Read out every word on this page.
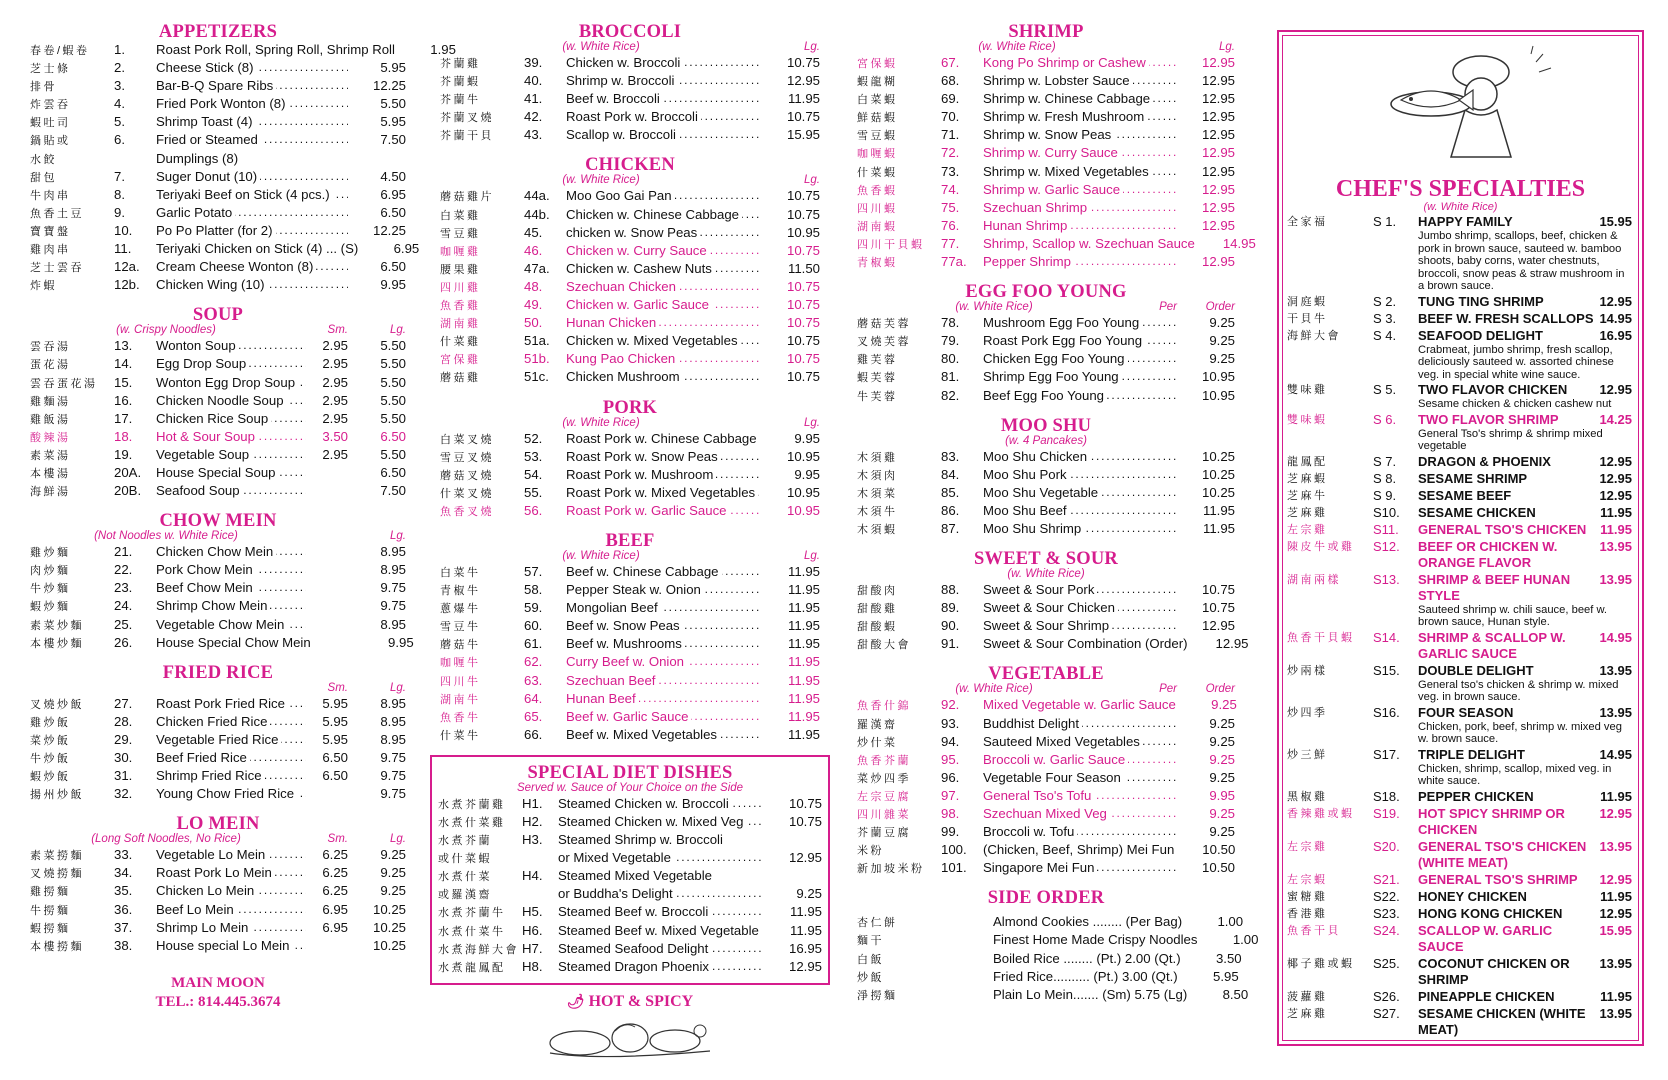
APPETIZERS
春卷/蝦卷	1.	Roast Pork Roll, Spring Roll, Shrimp Roll	1.95
芝士條	2.	Cheese Stick (8) .....	5.95
排骨	3.	Bar-B-Q Spare Ribs .....	12.25
炸雲吞	4.	Fried Pork Wonton (8) .....	5.50
蝦吐司	5.	Shrimp Toast (4) .....	5.95
鍋貼或	6.	Fried or Steamed .....	7.50
水餃	Dumplings (8)
甜包	7.	Suger Donut (10) .....	4.50
牛肉串	8.	Teriyaki Beef on Stick (4 pcs.) .....	6.95
魚香土豆	9.	Garlic Potato .....	6.50
寶寶盤	10.	Po Po Platter (for 2) .....	12.25
雞肉串	11.	Teriyaki Chicken on Stick (4) ... (S) .....	6.95
芝士雲吞	12a.	Cream Cheese Wonton (8) .....	6.50
炸蝦	12b.	Chicken Wing (10) .....	9.95
SOUP
(w. Crispy Noodles)	Sm.	Lg.
雲吞湯	13.	Wonton Soup .....	2.95	5.50
蛋花湯	14.	Egg Drop Soup .....	2.95	5.50
雲吞蛋花湯	15.	Wonton Egg Drop Soup .....	2.95	5.50
雞麵湯	16.	Chicken Noodle Soup .....	2.95	5.50
雞飯湯	17.	Chicken Rice Soup .....	2.95	5.50
酸辣湯	18.	Hot & Sour Soup .....	3.50	6.50
素菜湯	19.	Vegetable Soup .....	2.95	5.50
本樓湯	20A.	House Special Soup .....	6.50
海鮮湯	20B.	Seafood Soup .....	7.50
CHOW MEIN
(Not Noodles w. White Rice)	Lg.
雞炒麵	21.	Chicken Chow Mein .....	8.95
肉炒麵	22.	Pork Chow Mein .....	8.95
牛炒麵	23.	Beef Chow Mein .....	9.75
蝦炒麵	24.	Shrimp Chow Mein .....	9.75
素菜炒麵	25.	Vegetable Chow Mein .....	8.95
本樓炒麵	26.	House Special Chow Mein .....	9.95
FRIED RICE
Sm.	Lg.
叉燒炒飯	27.	Roast Pork Fried Rice .....	5.95	8.95
雞炒飯	28.	Chicken Fried Rice .....	5.95	8.95
菜炒飯	29.	Vegetable Fried Rice .....	5.95	8.95
牛炒飯	30.	Beef Fried Rice .....	6.50	9.75
蝦炒飯	31.	Shrimp Fried Rice .....	6.50	9.75
揚州炒飯	32.	Young Chow Fried Rice .....	9.75
LO MEIN
(Long Soft Noodles, No Rice)	Sm.	Lg.
素菜撈麵	33.	Vegetable Lo Mein .....	6.25	9.25
叉燒撈麵	34.	Roast Pork Lo Mein .....	6.25	9.25
雞撈麵	35.	Chicken Lo Mein .....	6.25	9.25
牛撈麵	36.	Beef Lo Mein .....	6.95	10.25
蝦撈麵	37.	Shrimp Lo Mein .....	6.95	10.25
本樓撈麵	38.	House special Lo Mein .....	10.25
MAIN MOON
TEL.: 814.445.3674
BROCCOLI
(w. White Rice)	Lg.
芥蘭雞	39.	Chicken w. Broccoli .....	10.75
芥蘭蝦	40.	Shrimp w. Broccoli .....	12.95
芥蘭牛	41.	Beef w. Broccoli .....	11.95
芥蘭叉燒	42.	Roast Pork w. Broccoli .....	10.75
芥蘭干貝	43.	Scallop w. Broccoli .....	15.95
CHICKEN
(w. White Rice)	Lg.
蘑菇雞片	44a.	Moo Goo Gai Pan .....	10.75
白菜雞	44b.	Chicken w. Chinese Cabbage .....	10.75
雪豆雞	45.	chicken w. Snow Peas .....	10.95
咖喱雞	46.	Chicken w. Curry Sauce .....	10.75
腰果雞	47a.	Chicken w. Cashew Nuts .....	11.50
四川雞	48.	Szechuan Chicken .....	10.75
魚香雞	49.	Chicken w. Garlic Sauce .....	10.75
湖南雞	50.	Hunan Chicken .....	10.75
什菜雞	51a.	Chicken w. Mixed Vegetables .....	10.75
宮保雞	51b.	Kung Pao Chicken .....	10.75
蘑菇雞	51c.	Chicken Mushroom .....	10.75
PORK
(w. White Rice)	Lg.
白菜叉燒	52.	Roast Pork w. Chinese Cabbage .....	9.95
雪豆叉燒	53.	Roast Pork w. Snow Peas .....	10.95
蘑菇叉燒	54.	Roast Pork w. Mushroom .....	9.95
什菜叉燒	55.	Roast Pork w. Mixed Vegetables .....	10.95
魚香叉燒	56.	Roast Pork w. Garlic Sauce .....	10.95
BEEF
(w. White Rice)	Lg.
白菜牛	57.	Beef w. Chinese Cabbage .....	11.95
青椒牛	58.	Pepper Steak w. Onion .....	11.95
蔥爆牛	59.	Mongolian Beef .....	11.95
雪豆牛	60.	Beef w. Snow Peas .....	11.95
蘑菇牛	61.	Beef w. Mushrooms .....	11.95
咖喱牛	62.	Curry Beef w. Onion .....	11.95
四川牛	63.	Szechuan Beef .....	11.95
湖南牛	64.	Hunan Beef .....	11.95
魚香牛	65.	Beef w. Garlic Sauce .....	11.95
什菜牛	66.	Beef w. Mixed Vegetables .....	11.95
SPECIAL DIET DISHES
Served w. Sauce of Your Choice on the Side
水煮芥蘭雞	H1.	Steamed Chicken w. Broccoli .....	10.75
水煮什菜雞	H2.	Steamed Chicken w. Mixed Veg .....	10.75
水煮芥蘭	H3.	Steamed Shrimp w. Broccoli
或什菜蝦	or Mixed Vegetable .....	12.95
水煮什菜	H4.	Steamed Mixed Vegetable
或羅漢齋	or Buddha's Delight .....	9.25
水煮芥蘭牛	H5.	Steamed Beef w. Broccoli .....	11.95
水煮什菜牛	H6.	Steamed Beef w. Mixed Vegetable .....	11.95
水煮海鮮大會 H7.	Steamed Seafood Delight .....	16.95
水煮龍鳳配	H8.	Steamed Dragon Phoenix .....	12.95
🌶 HOT & SPICY
SHRIMP
(w. White Rice)	Lg.
宮保蝦	67.	Kong Po Shrimp or Cashew .....	12.95
蝦龍糊	68.	Shrimp w. Lobster Sauce .....	12.95
白菜蝦	69.	Shrimp w. Chinese Cabbage .....	12.95
鮮菇蝦	70.	Shrimp w. Fresh Mushroom .....	12.95
雪豆蝦	71.	Shrimp w. Snow Peas .....	12.95
咖喱蝦	72.	Shrimp w. Curry Sauce .....	12.95
什菜蝦	73.	Shrimp w. Mixed Vegetables .....	12.95
魚香蝦	74.	Shrimp w. Garlic Sauce .....	12.95
四川蝦	75.	Szechuan Shrimp .....	12.95
湖南蝦	76.	Hunan Shrimp .....	12.95
四川干貝蝦	77.	Shrimp, Scallop w. Szechuan Sauce .....	14.95
青椒蝦	77a.	Pepper Shrimp .....	12.95
EGG FOO YOUNG
(w. White Rice)	Per	Order
蘑菇芙蓉	78.	Mushroom Egg Foo Young .....	9.25
叉燒芙蓉	79.	Roast Pork Egg Foo Young .....	9.25
雞芙蓉	80.	Chicken Egg Foo Young .....	9.25
蝦芙蓉	81.	Shrimp Egg Foo Young .....	10.95
牛芙蓉	82.	Beef Egg Foo Young .....	10.95
MOO SHU
(w. 4 Pancakes)
木須雞	83.	Moo Shu Chicken .....	10.25
木須肉	84.	Moo Shu Pork .....	10.25
木須菜	85.	Moo Shu Vegetable .....	10.25
木須牛	86.	Moo Shu Beef .....	11.95
木須蝦	87.	Moo Shu Shrimp .....	11.95
SWEET & SOUR
(w. White Rice)
甜酸肉	88.	Sweet & Sour Pork .....	10.75
甜酸雞	89.	Sweet & Sour Chicken .....	10.75
甜酸蝦	90.	Sweet & Sour Shrimp .....	12.95
甜酸大會	91.	Sweet & Sour Combination (Order)	12.95
VEGETABLE
(w. White Rice)	Per	Order
魚香什錦	92.	Mixed Vegetable w. Garlic Sauce .....	9.25
羅漢齋	93.	Buddhist Delight .....	9.25
炒什菜	94.	Sauteed Mixed Vegetables .....	9.25
魚香芥蘭	95.	Broccoli w. Garlic Sauce .....	9.25
菜炒四季	96.	Vegetable Four Season .....	9.25
左宗豆腐	97.	General Tso's Tofu .....	9.95
四川雜菜	98.	Szechuan Mixed Veg .....	9.25
芥蘭豆腐	99.	Broccoli w. Tofu .....	9.25
米粉	100.	(Chicken, Beef, Shrimp) Mei Fun .....	10.50
新加坡米粉	101.	Singapore Mei Fun .....	10.50
SIDE ORDER
杏仁餅	Almond Cookies ........ (Per Bag) .....	1.00
麵干	Finest Home Made Crispy Noodles .....	1.00
白飯	Boiled Rice ........ (Pt.) 2.00 (Qt.) .....	3.50
炒飯	Fried Rice.......... (Pt.) 3.00 (Qt.) .....	5.95
淨撈麵	Plain Lo Mein....... (Sm) 5.75 (Lg) .....	8.50
CHEF'S SPECIALTIES
(w. White Rice)
全家福	S 1.	HAPPY FAMILY	15.95
Jumbo shrimp, scallops, beef, chicken & pork in brown sauce, sauteed w. bamboo shoots, baby corns, water chestnuts, broccoli, snow peas & straw mushroom in a brown sauce.
洞庭蝦	S 2.	TUNG TING SHRIMP	12.95
干貝牛	S 3.	BEEF W. FRESH SCALLOPS 14.95
海鮮大會	S 4.	SEAFOOD DELIGHT	16.95
Crabmeat, jumbo shrimp, fresh scallop, deliciously sauteed w. assorted chinese veg. in special white wine sauce.
雙味雞	S 5.	TWO FLAVOR CHICKEN	12.95
Sesame chicken & chicken cashew nut
雙味蝦	S 6.	TWO FLAVOR SHRIMP	14.25
General Tso's shrimp & shrimp mixed vegetable
龍鳳配	S 7.	DRAGON & PHOENIX	12.95
芝麻蝦	S 8.	SESAME SHRIMP	12.95
芝麻牛	S 9.	SESAME BEEF	12.95
芝麻雞	S10.	SESAME CHICKEN	11.95
左宗雞	S11.	GENERAL TSO'S CHICKEN	11.95
陳皮牛或雞	S12.	BEEF OR CHICKEN W. ORANGE FLAVOR
13.95
湖南兩樣	S13.	SHRIMP & BEEF HUNAN STYLE
13.95
Sauteed shrimp w. chili sauce, beef w. brown sauce, Hunan style.
魚香干貝蝦	S14.	SHRIMP & SCALLOP W. GARLIC SAUCE
14.95
炒兩樣	S15.	DOUBLE DELIGHT	13.95
General tso's chicken & shrimp w. mixed veg. in brown sauce.
炒四季	S16.	FOUR SEASON	13.95
Chicken, pork, beef, shrimp w. mixed veg w. brown sauce.
炒三鮮	S17.	TRIPLE DELIGHT	14.95
Chicken, shrimp, scallop, mixed veg. in white sauce.
黑椒雞	S18.	PEPPER CHICKEN	11.95
香辣雞或蝦	S19.	HOT SPICY SHRIMP OR CHICKEN
12.95
左宗雞	S20.	GENERAL TSO'S CHICKEN (WHITE MEAT)
13.95
左宗蝦	S21.	GENERAL TSO'S SHRIMP	12.95
蜜糖雞	S22.	HONEY CHICKEN	11.95
香港雞	S23.	HONG KONG CHICKEN	12.95
魚香干貝	S24.	SCALLOP W. GARLIC SAUCE
15.95
椰子雞或蝦	S25.	COCONUT CHICKEN OR SHRIMP
13.95
菠蘿雞	S26.	PINEAPPLE CHICKEN	11.95
芝麻雞	S27.	SESAME CHICKEN (WHITE MEAT)
13.95
